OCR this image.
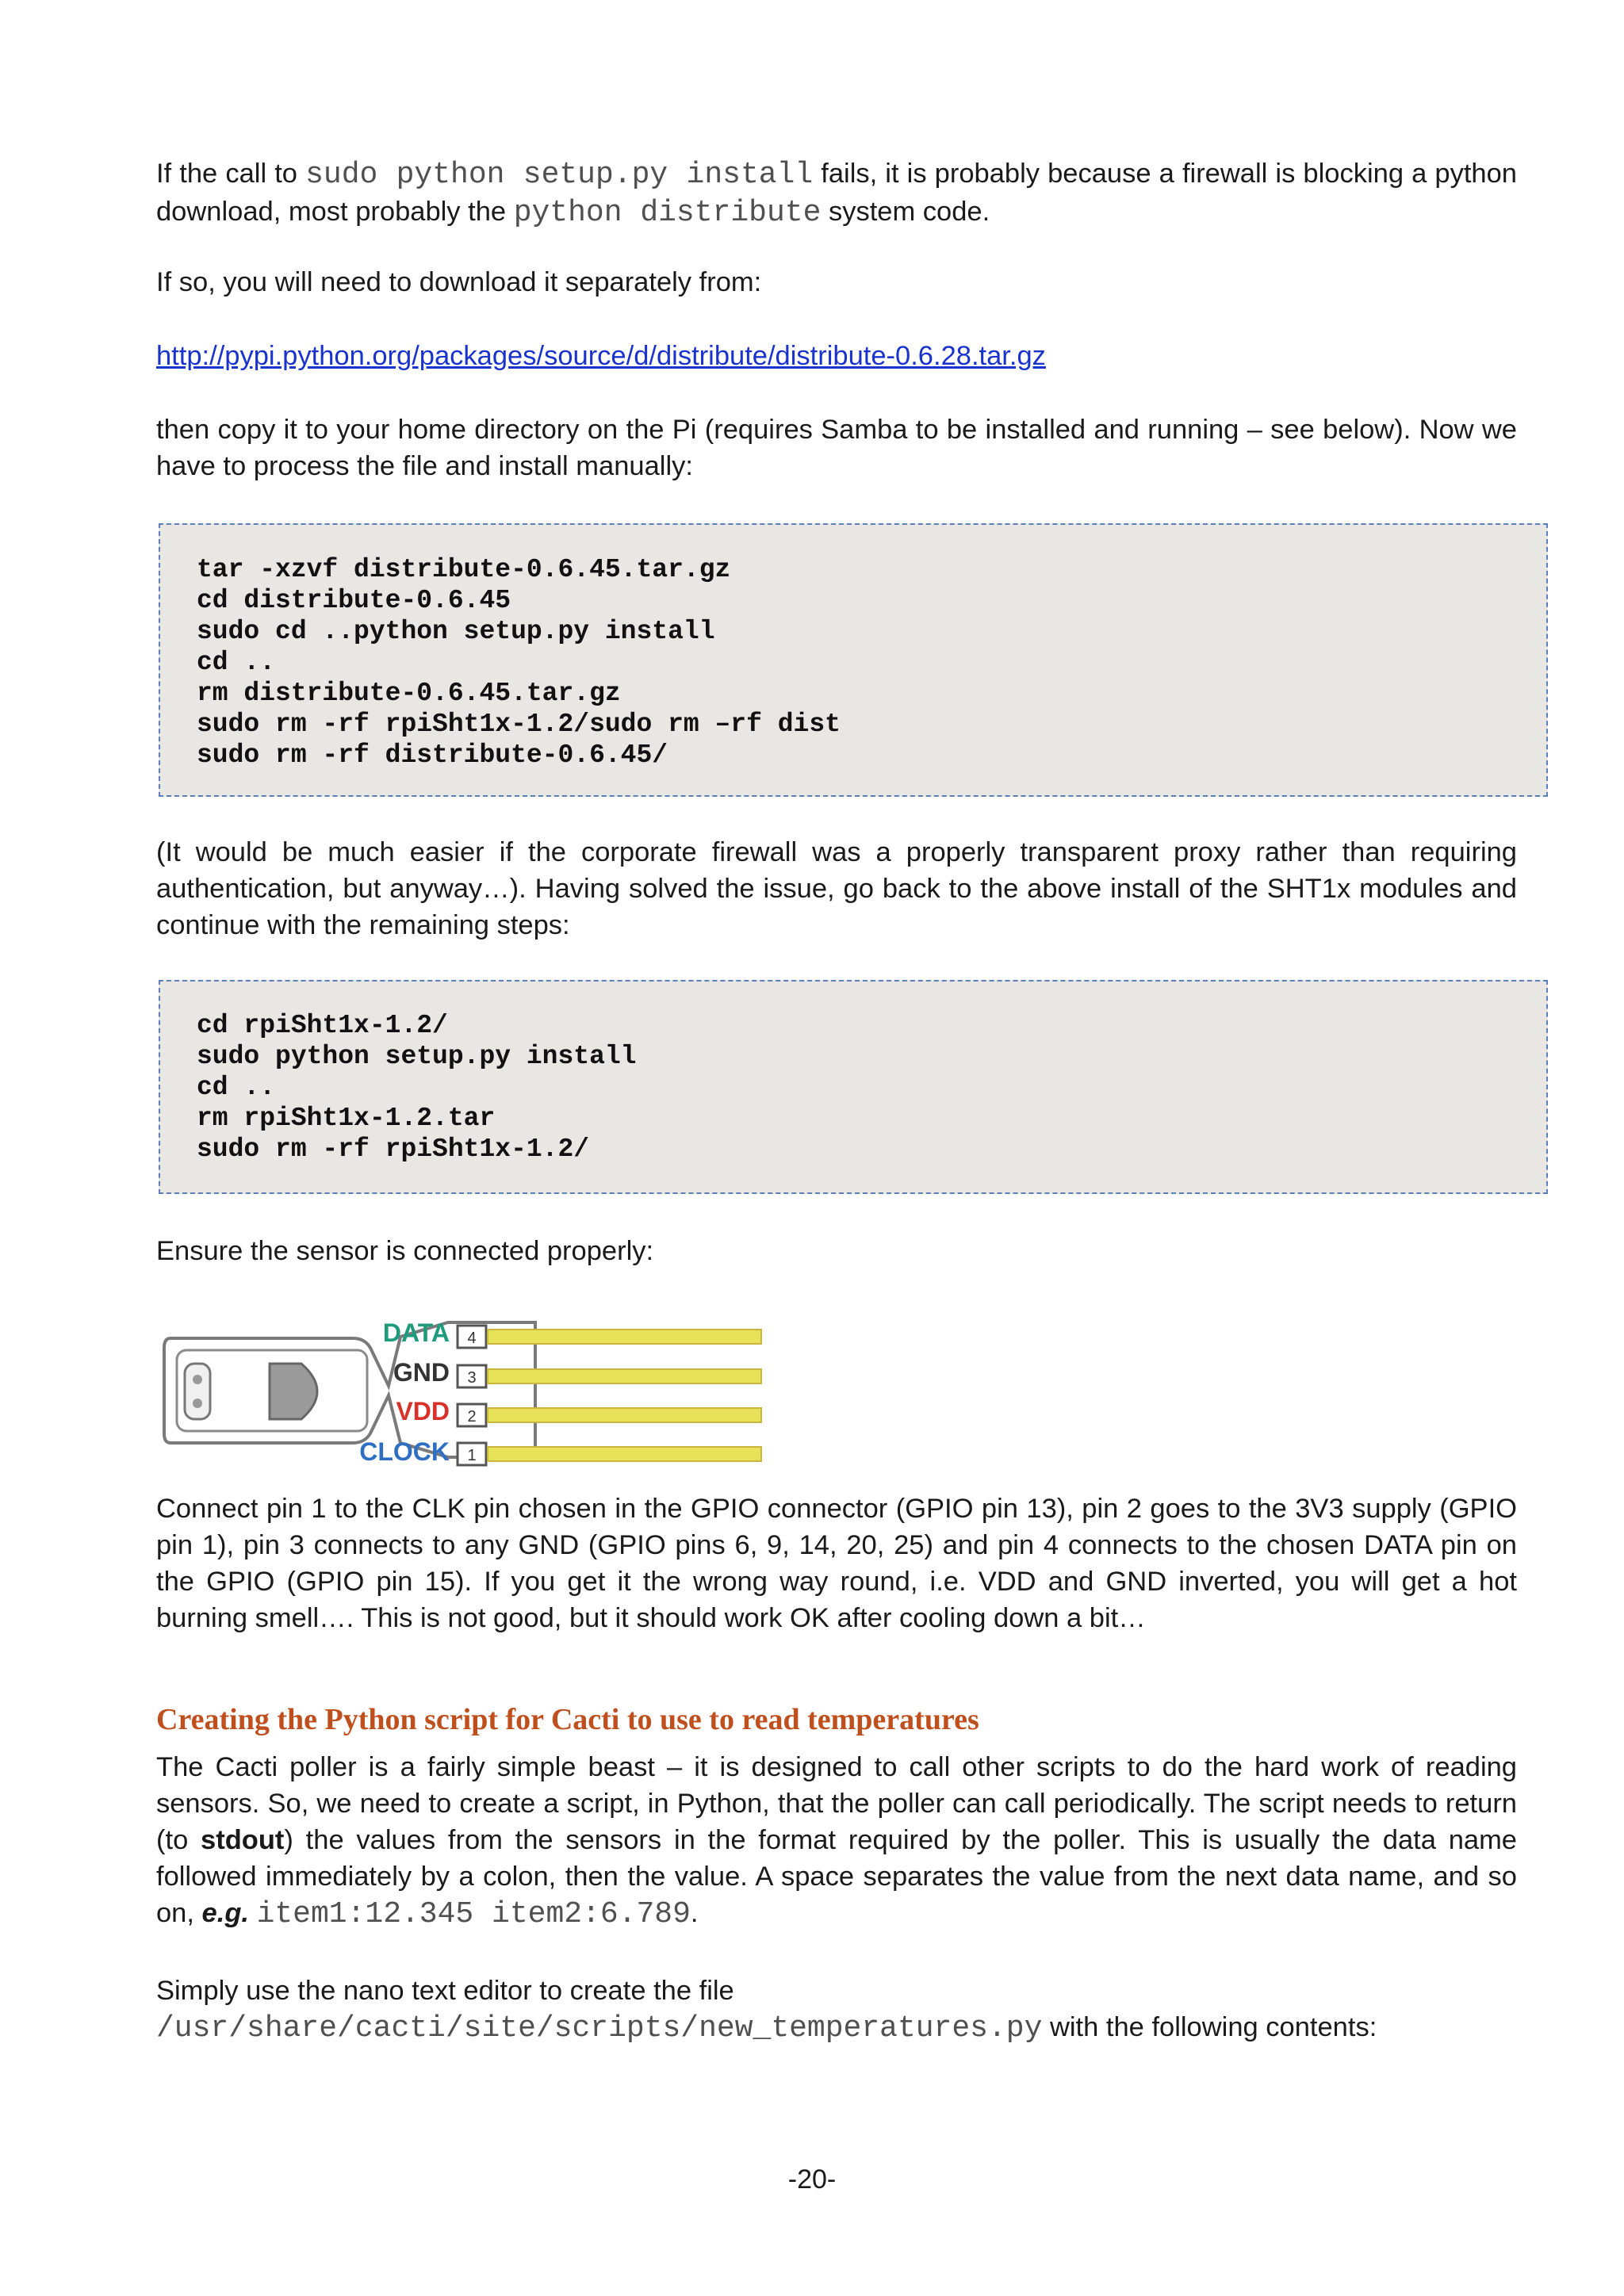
If the call to sudo python setup.py install fails, it is probably because a firewall is blocking a python download, most probably the python distribute system code.

If so, you will need to download it separately from:

http://pypi.python.org/packages/source/d/distribute/distribute-0.6.28.tar.gz

then copy it to your home directory on the Pi (requires Samba to be installed and running – see below). Now we have to process the file and install manually:

tar -xzvf distribute-0.6.45.tar.gz
cd distribute-0.6.45
sudo cd ..python setup.py install
cd ..
rm distribute-0.6.45.tar.gz
sudo rm -rf rpiSht1x-1.2/sudo rm –rf dist
sudo rm -rf distribute-0.6.45/

(It would be much easier if the corporate firewall was a properly transparent proxy rather than requiring authentication, but anyway…). Having solved the issue, go back to the above install of the SHT1x modules and continue with the remaining steps:

cd rpiSht1x-1.2/
sudo python setup.py install
cd ..
rm rpiSht1x-1.2.tar
sudo rm -rf rpiSht1x-1.2/

Ensure the sensor is connected properly:

DATA 4
GND 3
VDD 2
CLOCK 1

Connect pin 1 to the CLK pin chosen in the GPIO connector (GPIO pin 13), pin 2 goes to the 3V3 supply (GPIO pin 1), pin 3 connects to any GND (GPIO pins 6, 9, 14, 20, 25) and pin 4 connects to the chosen DATA pin on the GPIO (GPIO pin 15). If you get it the wrong way round, i.e. VDD and GND inverted, you will get a hot burning smell…. This is not good, but it should work OK after cooling down a bit…

Creating the Python script for Cacti to use to read temperatures

The Cacti poller is a fairly simple beast – it is designed to call other scripts to do the hard work of reading sensors. So, we need to create a script, in Python, that the poller can call periodically. The script needs to return (to stdout) the values from the sensors in the format required by the poller. This is usually the data name followed immediately by a colon, then the value. A space separates the value from the next data name, and so on, e.g. item1:12.345 item2:6.789.

Simply use the nano text editor to create the file
/usr/share/cacti/site/scripts/new_temperatures.py with the following contents:

-20-
